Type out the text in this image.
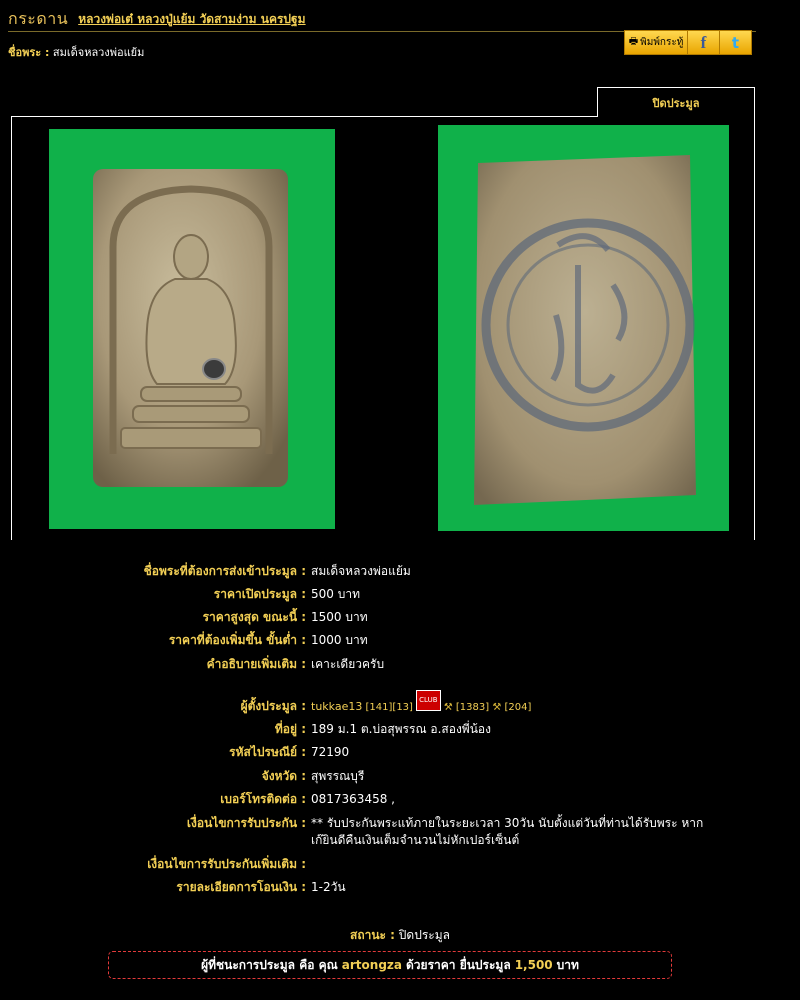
กระดาน หลวงพ่อเต๋ หลวงปู่แย้ม วัดสามง่าม นครปฐม
ชื่อพระ : สมเด็จหลวงพ่อแย้ม
🖶 พิมพ์กระทู้ f t
ปิดประมูล
ชื่อพระที่ต้องการส่งเข้าประมูล : สมเด็จหลวงพ่อแย้ม
ราคาเปิดประมูล : 500 บาท
ราคาสูงสุด ขณะนี้ : 1500 บาท
ราคาที่ต้องเพิ่มขึ้น ขั้นต่ำ : 1000 บาท
คำอธิบายเพิ่มเติม : เคาะเดียวครับ
ผู้ตั้งประมูล : tukkae13 [141][13] CLUB ⚒ [1383] ⚒ [204]
ที่อยู่ : 189 ม.1 ต.บ่อสุพรรณ อ.สองพี่น้อง
รหัสไปรษณีย์ : 72190
จังหวัด : สุพรรณบุรี
เบอร์โทรติดต่อ : 0817363458 ,
เงื่อนไขการรับประกัน : ** รับประกันพระแท้ภายในระยะเวลา 30วัน นับตั้งแต่วันที่ท่านได้รับพระ หากเก๊ยินดีคืนเงินเต็มจำนวนไม่หักเปอร์เซ็นต์
เงื่อนไขการรับประกันเพิ่มเติม :
รายละเอียดการโอนเงิน : 1-2วัน
สถานะ : ปิดประมูล
ผู้ที่ชนะการประมูล คือ คุณ artongza ด้วยราคา ยื่นประมูล 1,500 บาท
